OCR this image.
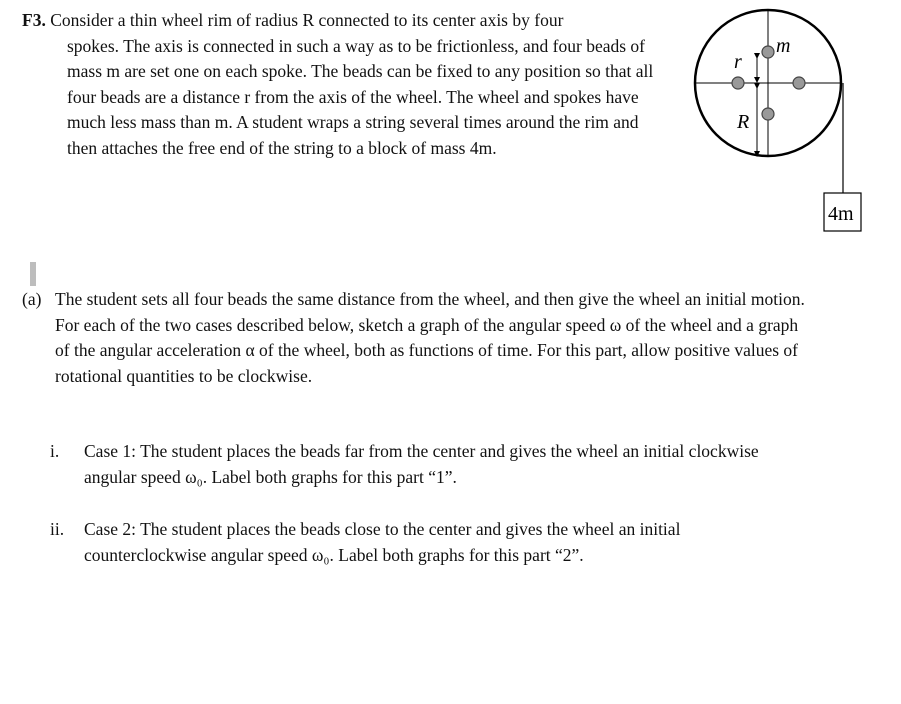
F3. Consider a thin wheel rim of radius R connected to its center axis by four
spokes. The axis is connected in such a way as to be frictionless, and four beads of mass m are set one on each spoke. The beads can be fixed to any position so that all four beads are a distance r from the axis of the wheel. The wheel and spokes have much less mass than m. A student wraps a string several times around the rim and then attaches the free end of the string to a block of mass 4m.
m
r
R
4m
(a) The student sets all four beads the same distance from the wheel, and then give the wheel an initial motion. For each of the two cases described below, sketch a graph of the angular speed ω of the wheel and a graph of the angular acceleration α of the wheel, both as functions of time. For this part, allow positive values of rotational quantities to be clockwise.
i. Case 1: The student places the beads far from the center and gives the wheel an initial clockwise angular speed ω₀. Label both graphs for this part “1”.
ii. Case 2: The student places the beads close to the center and gives the wheel an initial counterclockwise angular speed ω₀. Label both graphs for this part “2”.
